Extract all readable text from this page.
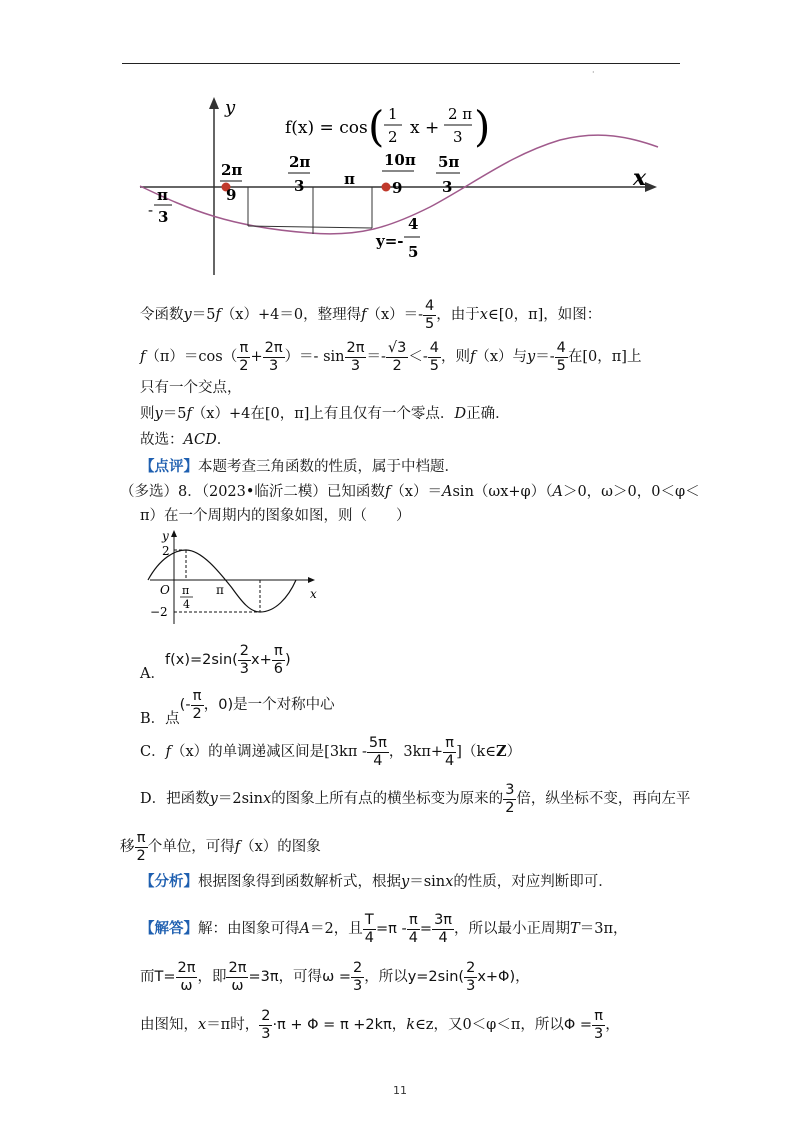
·
y
x
f(x) = cos ( 1
2 x +
2 π
3 )
-
π
3
2π
9
2π
3	π
10π
9
5π
3
y=-
4
5
令函数y＝5f（x）+4＝0，整理得$f(x)=- \frac{4}{5}$ ，由于x∈[0，π]，如图：
$f(\pi)=\cos( \frac{\pi}{2} + \frac{2\pi}{3}$ ）＝- $\sin \frac{2\pi}{3} =- \frac{√3}{2} <- \frac{4}{5}$ ，则f（x）与$y=- \frac{4}{5}$ 在[0，π]上
只有一个交点，
则y＝5f（x）+4在[0，π]上有且仅有一个零点．D正确．
故选：ACD．
【点评】本题考查三角函数的性质，属于中档题．
（多选）8．（2023•临沂二模）已知函数f（x）＝Asin（ωx+φ）（A＞0，ω＞0，0＜φ＜
π）在一个周期内的图象如图，则（　　）
y
x
O
2
−2
π
4
π
A．$f(x)=2\sin( \frac{2}{3} x+ \frac{\pi}{6}$ )
B．点(- $\frac{\pi}{2}$ ，0)是一个对称中心
C．f（x）的单调递减区间是[$3k\pi - \frac{5\pi}{4}$ ，$3k\pi+ \frac{\pi}{4}$ ]（k∈Z）
D．把函数y＝2sinx的图象上所有点的横坐标变为原来的 $\frac{3}{2}$ 倍，纵坐标不变，再向左平
移 $\frac{\pi}{2}$ 个单位，可得f（x）的图象
【分析】根据图象得到函数解析式，根据y＝sinx的性质，对应判断即可．
【解答】解：由图象可得A＝2，且 $\frac{T}{4} =\pi - \frac{\pi}{4} = \frac{3\pi}{4}$ ，所以最小正周期T＝3π，
而$T= \frac{2\pi}{\omega}$ ，即 $\frac{2\pi}{\omega} =3\pi$，可得$\omega = \frac{2}{3}$ ，所以$y=2\sin( \frac{2}{3} x+\Phi)$，
由图知，x＝π时， $\frac{2}{3} \cdot\pi + \Phi = \pi +2k\pi$，k∈z，又0＜φ＜π，所以$\Phi = \frac{\pi}{3}$ ，
11
